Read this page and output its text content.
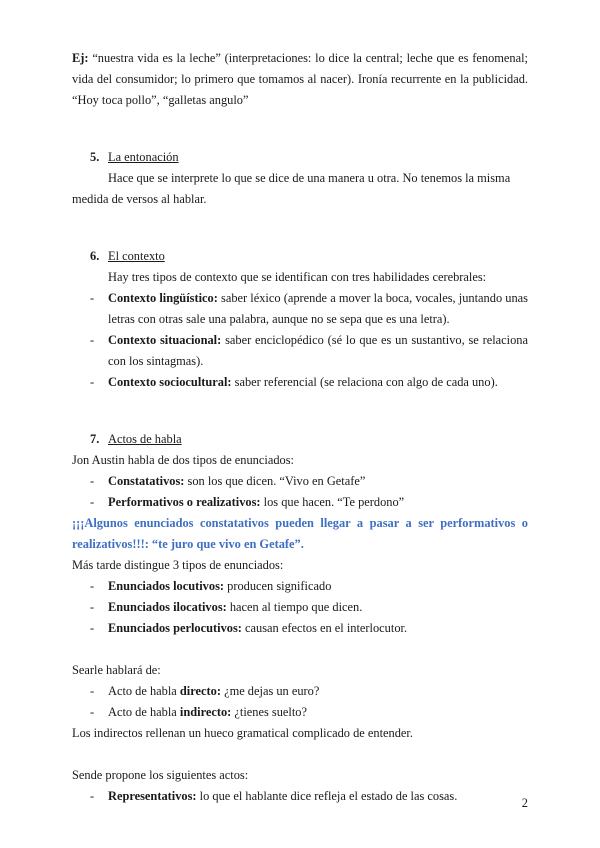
Ej: “nuestra vida es la leche” (interpretaciones: lo dice la central; leche que es fenomenal; vida del consumidor; lo primero que tomamos al nacer). Ironía recurrente en la publicidad. “Hoy toca pollo”, “galletas angulo”

5. La entonación

Hace que se interprete lo que se dice de una manera u otra. No tenemos la misma

medida de versos al hablar.

6. El contexto

Hay tres tipos de contexto que se identifican con tres habilidades cerebrales:

-	Contexto lingüístico: saber léxico (aprende a mover la boca, vocales, juntando unas letras con otras sale una palabra, aunque no se sepa que es una letra).
-	Contexto situacional: saber enciclopédico (sé lo que es un sustantivo, se relaciona con los sintagmas).
-	Contexto sociocultural: saber referencial (se relaciona con algo de cada uno).
7. Actos de habla

Jon Austin habla de dos tipos de enunciados:

-	Constatativos: son los que dicen. “Vivo en Getafe”
-	Performativos o realizativos: los que hacen. “Te perdono”

¡¡¡Algunos enunciados constatativos pueden llegar a pasar a ser performativos o realizativos!!!: “te juro que vivo en Getafe”.

Más tarde distingue 3 tipos de enunciados:

-	Enunciados locutivos: producen significado
-	Enunciados ilocativos: hacen al tiempo que dicen.
-	Enunciados perlocutivos: causan efectos en el interlocutor.

Searle hablará de:

-	Acto de habla directo: ¿me dejas un euro?
-	Acto de habla indirecto: ¿tienes suelto?

Los indirectos rellenan un hueco gramatical complicado de entender.

Sende propone los siguientes actos:

-	Representativos: lo que el hablante dice refleja el estado de las cosas.	2
